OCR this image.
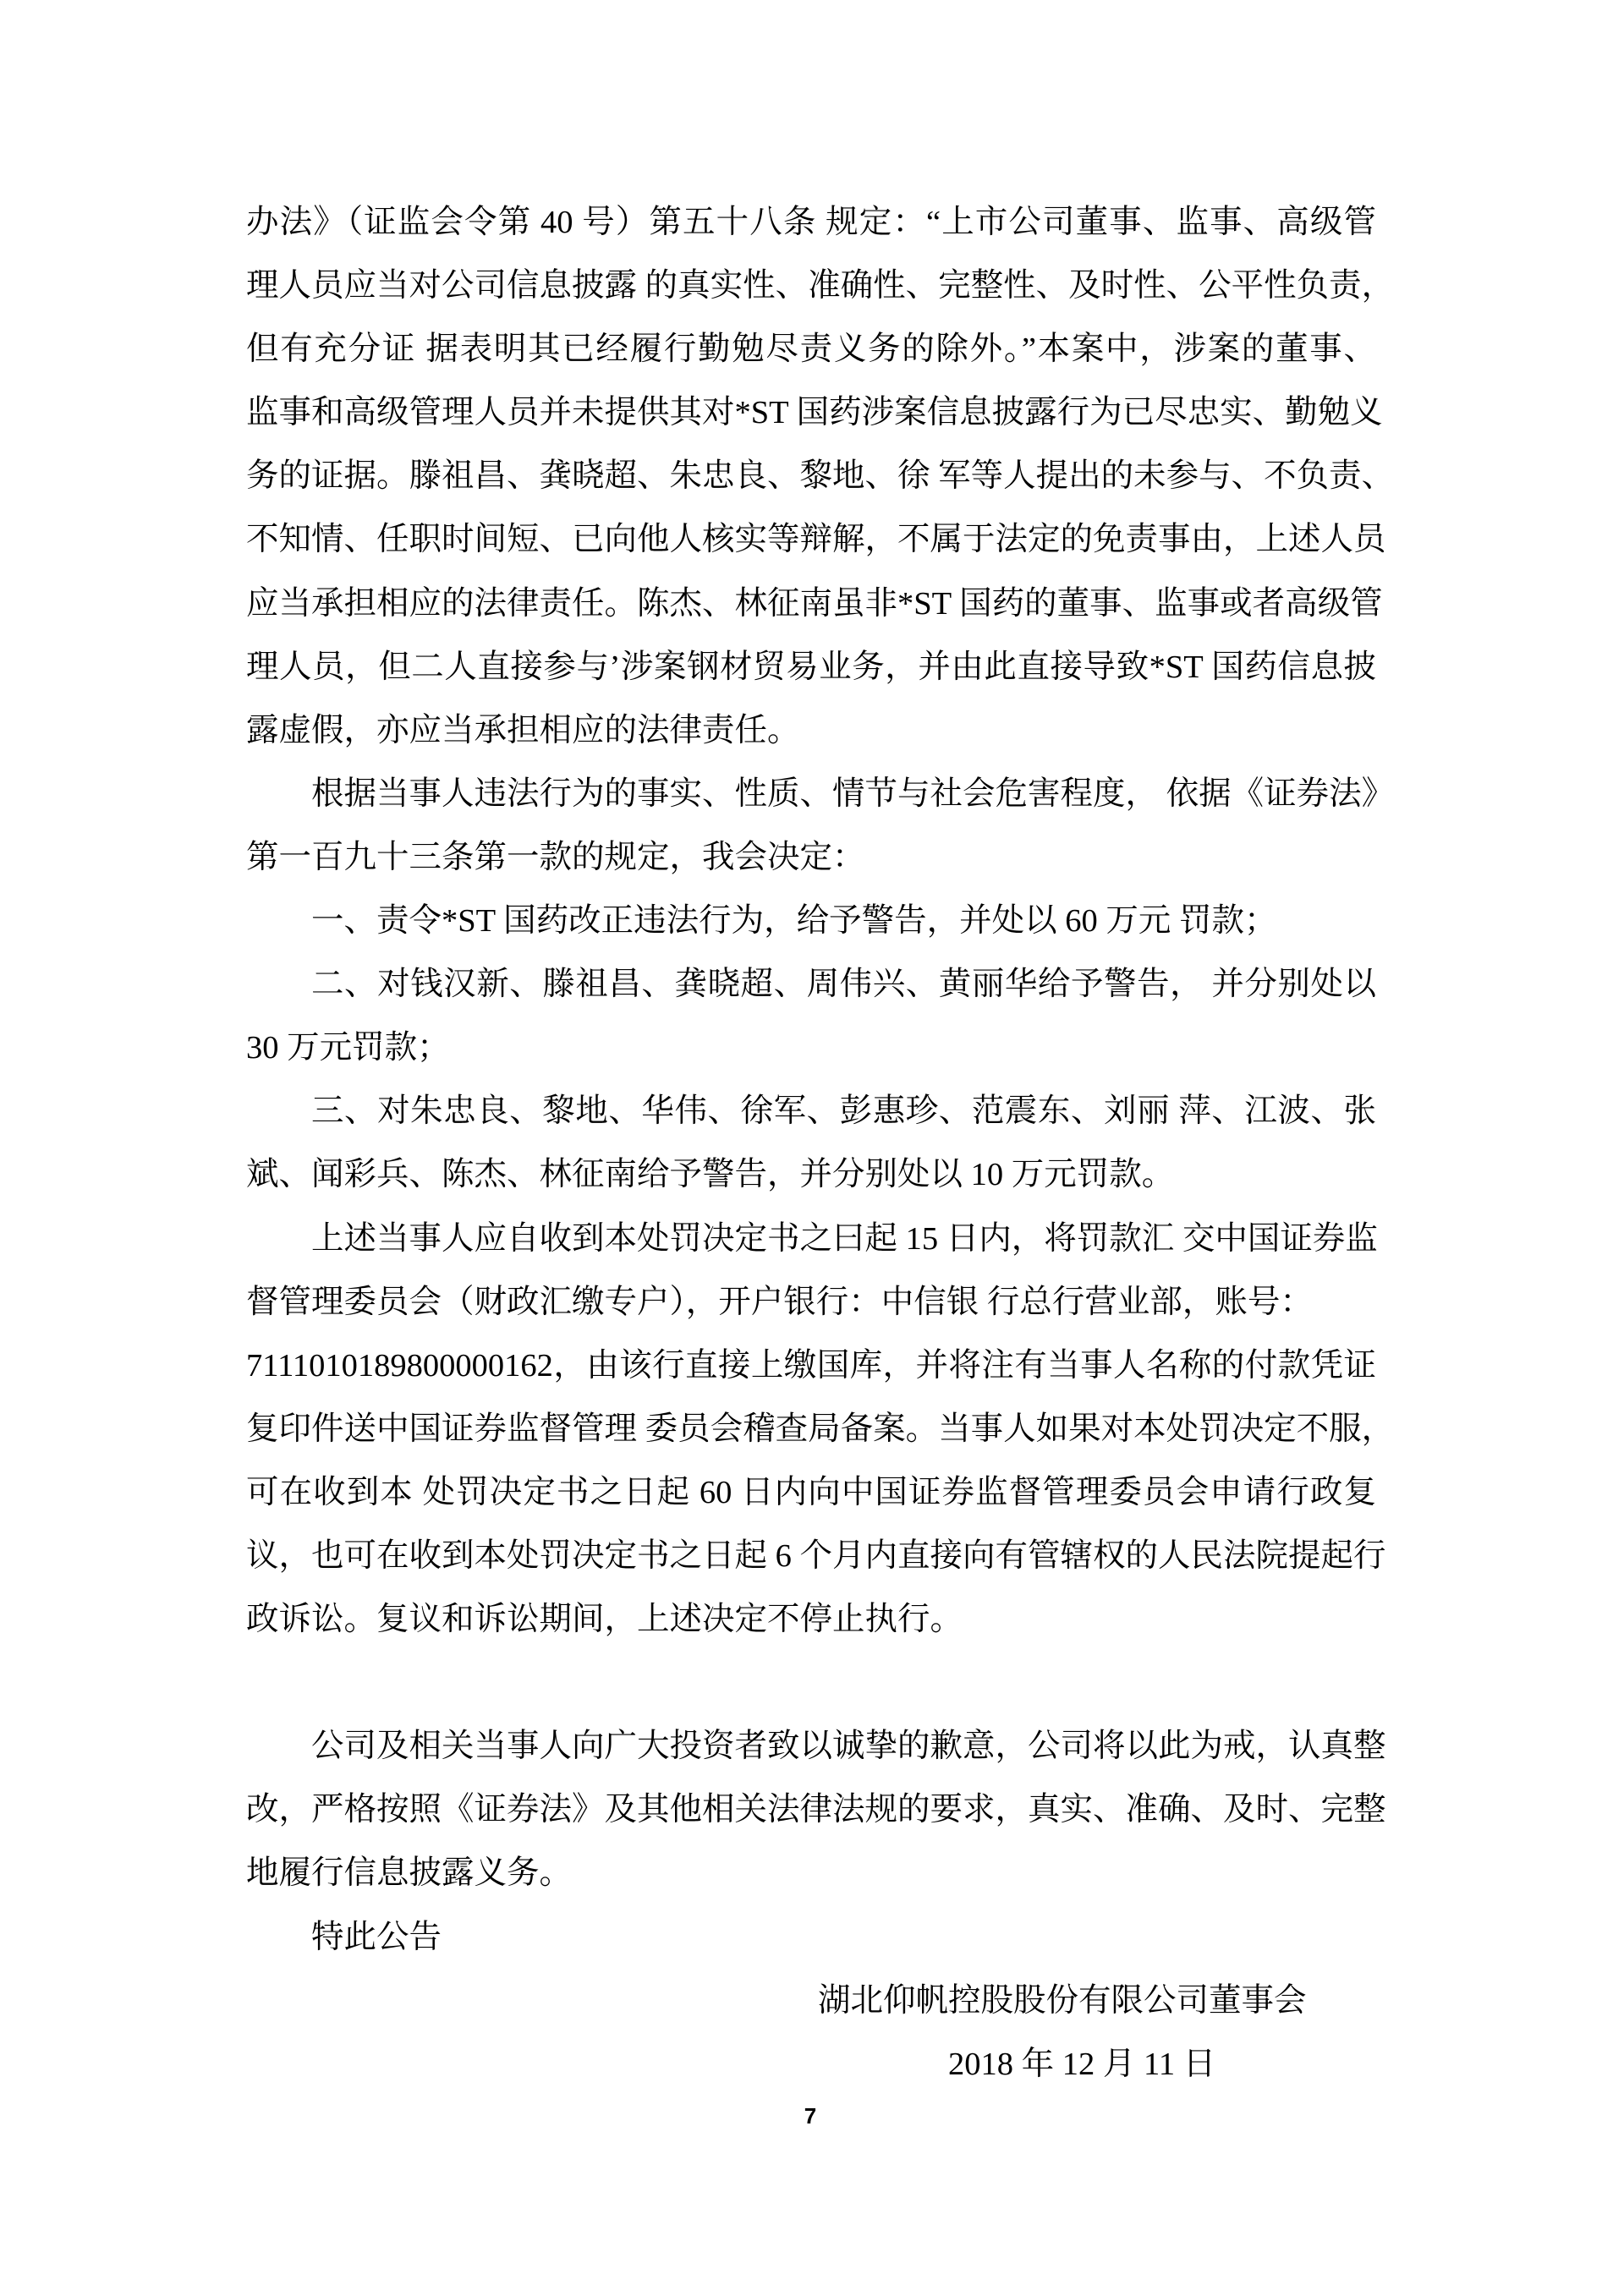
办法》（证监会令第 40 号）第五十八条 规定：“上市公司董事、监事、高级管
理人员应当对公司信息披露 的真实性、准确性、完整性、及时性、公平性负责，
但有充分证 据表明其已经履行勤勉尽责义务的除外。”本案中，涉案的董事、
监事和高级管理人员并未提供其对*ST 国药涉案信息披露行为已尽忠实、勤勉义
务的证据。滕祖昌、龚晓超、朱忠良、黎地、徐 军等人提出的未参与、不负责、
不知情、任职时间短、已向他人核实等辩解，不属于法定的免责事由，上述人员
应当承担相应的法律责任。陈杰、林征南虽非*ST 国药的董事、监事或者高级管
理人员，但二人直接参与’涉案钢材贸易业务，并由此直接导致*ST 国药信息披
露虚假，亦应当承担相应的法律责任。
根据当事人违法行为的事实、性质、情节与社会危害程度， 依据《证券法》
第一百九十三条第一款的规定，我会决定：
一、责令*ST 国药改正违法行为，给予警告，并处以 60 万元 罚款；
二、对钱汉新、滕祖昌、龚晓超、周伟兴、黄丽华给予警告， 并分别处以
30 万元罚款；
三、对朱忠良、黎地、华伟、徐军、彭惠珍、范震东、刘丽 萍、江波、张
斌、闻彩兵、陈杰、林征南给予警告，并分别处以 10 万元罚款。
上述当事人应自收到本处罚决定书之曰起 15 日内，将罚款汇 交中国证券监
督管理委员会（财政汇缴专户），开户银行：中信银 行总行营业部，账号：
7111010189800000162，由该行直接上缴国库，并将注有当事人名称的付款凭证
复印件送中国证券监督管理 委员会稽查局备案。当事人如果对本处罚决定不服，
可在收到本 处罚决定书之日起 60 日内向中国证券监督管理委员会申请行政复
议，也可在收到本处罚决定书之日起 6 个月内直接向有管辖权的人民法院提起行
政诉讼。复议和诉讼期间，上述决定不停止执行。
公司及相关当事人向广大投资者致以诚挚的歉意，公司将以此为戒，认真整
改，严格按照《证券法》及其他相关法律法规的要求，真实、准确、及时、完整
地履行信息披露义务。
特此公告
湖北仰帆控股股份有限公司董事会
2018 年 12 月 11 日
7
